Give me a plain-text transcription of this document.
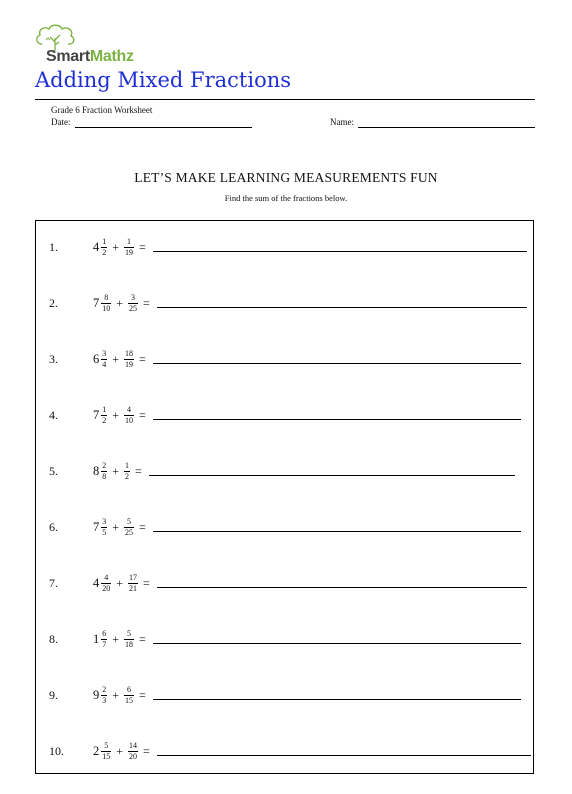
SmartMathz
Adding Mixed Fractions
Grade 6 Fraction Worksheet
Date:	Name:
LET’S MAKE LEARNING MEASUREMENTS FUN
Find the sum of the fractions below.
1.	$4 \frac{1}{2} + \frac{1}{19}$ =
2.	$7 \frac{8}{10} + \frac{3}{25}$ =
3.	$6 \frac{3}{4} + \frac{18}{19}$ =
4.	$7 \frac{1}{2} + \frac{4}{10}$ =
5.	$8 \frac{2}{8} + \frac{1}{2}$ =
6.	$7 \frac{3}{5} + \frac{5}{25}$ =
7.	$4 \frac{4}{20} + \frac{17}{21}$ =
8.	$1 \frac{6}{7} + \frac{5}{18}$ =
9.	$9 \frac{2}{3} + \frac{6}{15}$ =
10. $2 \frac{5}{15} + \frac{14}{20}$ =
